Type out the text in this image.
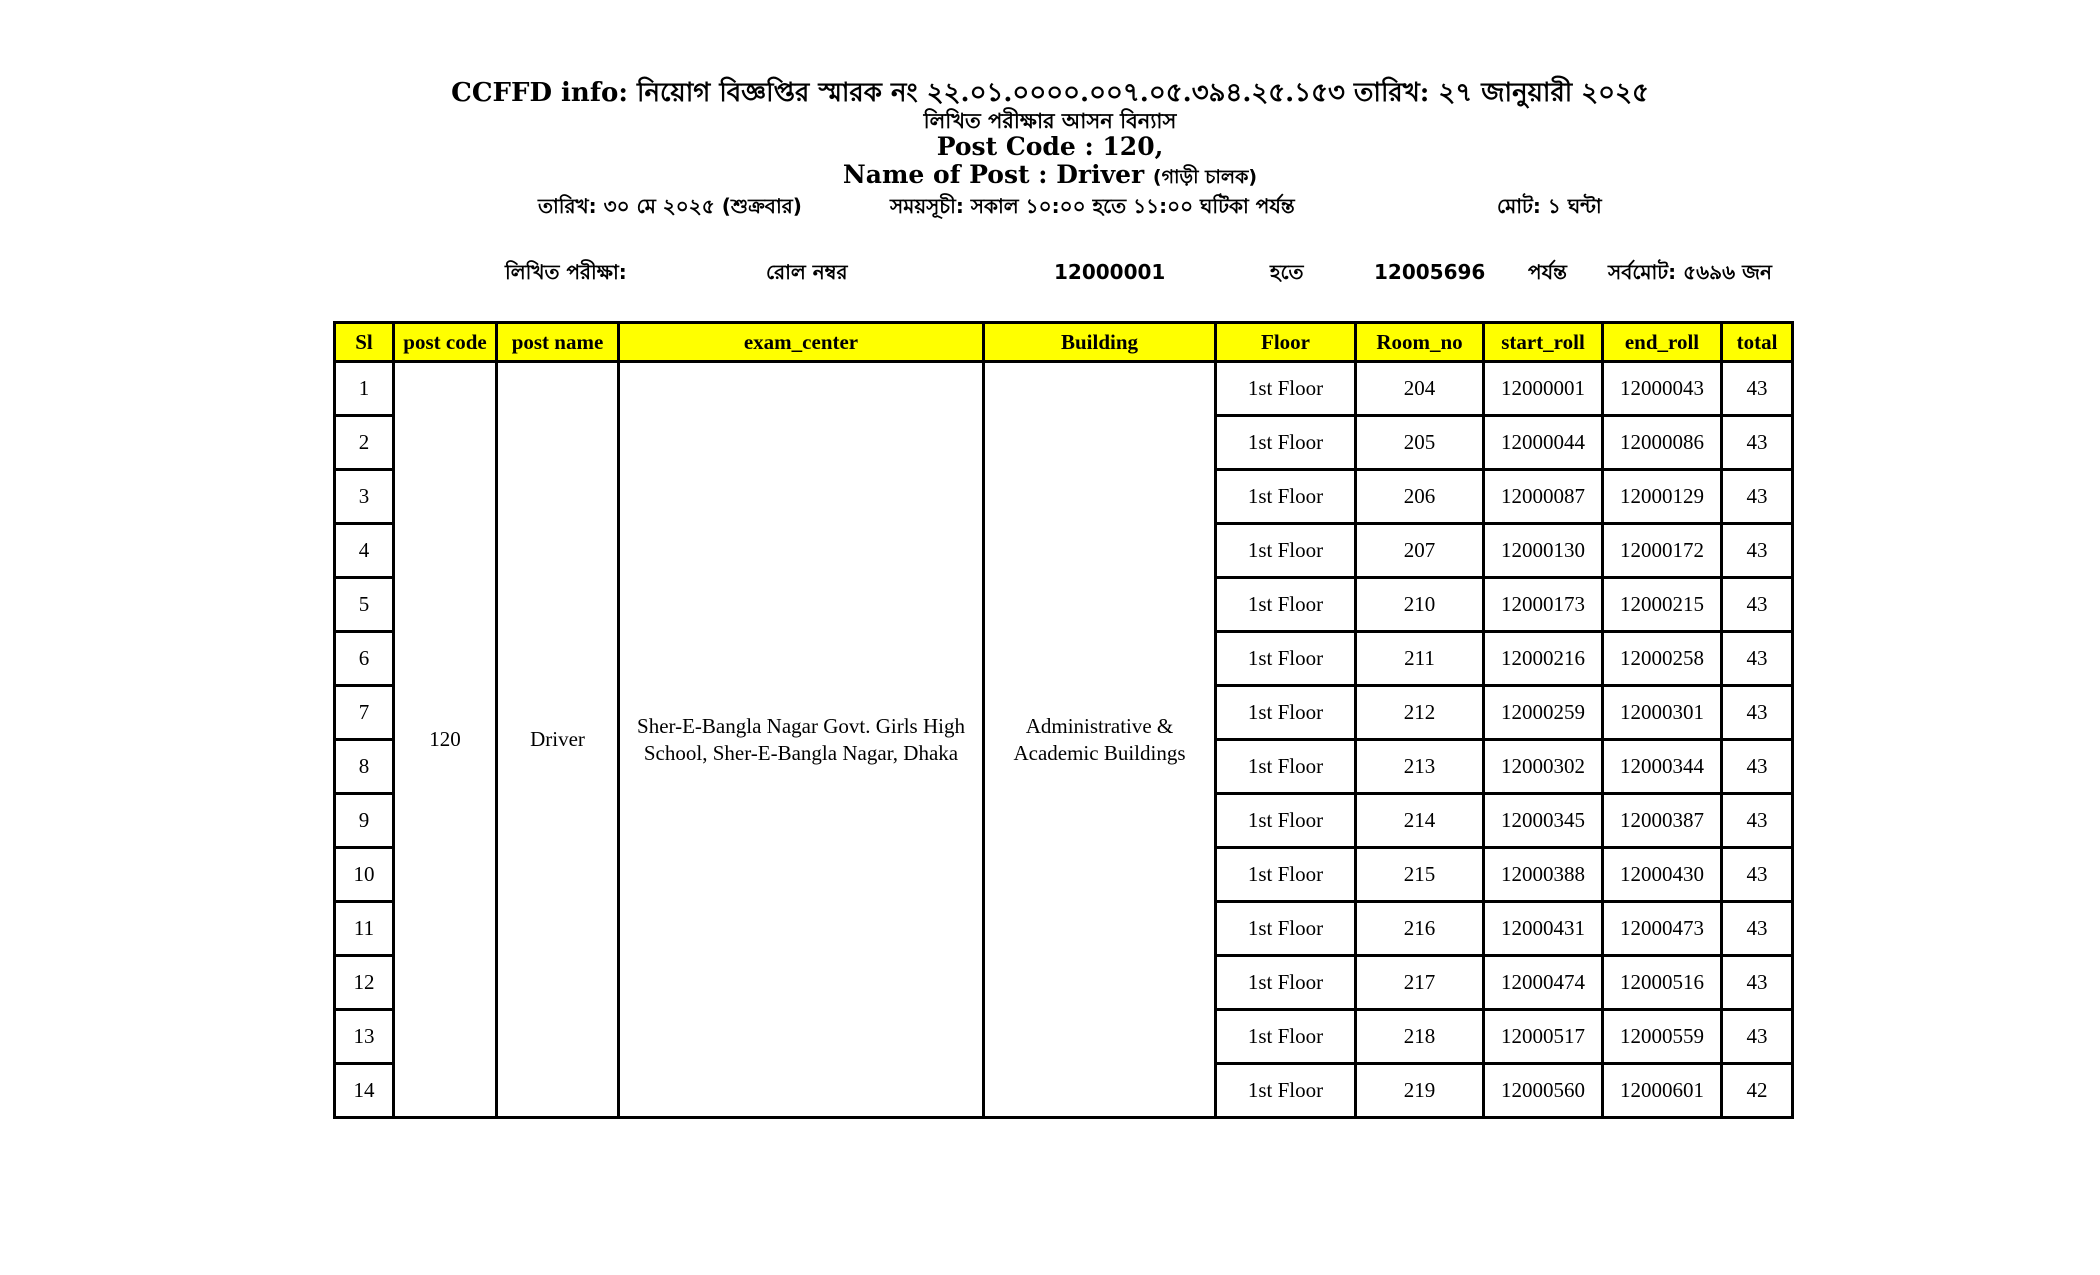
CCFFD info: নিয়োগ বিজ্ঞপ্তির স্মারক নং ২২.০১.০০০০.০০৭.০৫.৩৯৪.২৫.১৫৩ তারিখ: ২৭ জানুয়ারী ২০২৫
লিখিত পরীক্ষার আসন বিন্যাস
Post Code : 120,
Name of Post : Driver (গাড়ী চালক)
তারিখ: ৩০ মে ২০২৫ (শুক্রবার)	সময়সূচী: সকাল ১০:০০ হতে ১১:০০ ঘটিকা পর্যন্ত	মোট: ১ ঘন্টা
লিখিত পরীক্ষা:	রোল নম্বর	12000001	হতে	12005696 পর্যন্ত সর্বমোট: ৫৬৯৬ জন
Sl	post code	post name	exam_center	Building	Floor	Room_no	start_roll	end_roll	total
1	120	Driver	Sher-E-Bangla Nagar Govt. Girls High School, Sher-E-Bangla Nagar, Dhaka	Administrative & Academic Buildings	1st Floor	204	12000001	12000043	43
2					1st Floor	205	12000044	12000086	43
3					1st Floor	206	12000087	12000129	43
4					1st Floor	207	12000130	12000172	43
5					1st Floor	210	12000173	12000215	43
6					1st Floor	211	12000216	12000258	43
7					1st Floor	212	12000259	12000301	43
8					1st Floor	213	12000302	12000344	43
9					1st Floor	214	12000345	12000387	43
10					1st Floor	215	12000388	12000430	43
11					1st Floor	216	12000431	12000473	43
12					1st Floor	217	12000474	12000516	43
13					1st Floor	218	12000517	12000559	43
14					1st Floor	219	12000560	12000601	42
